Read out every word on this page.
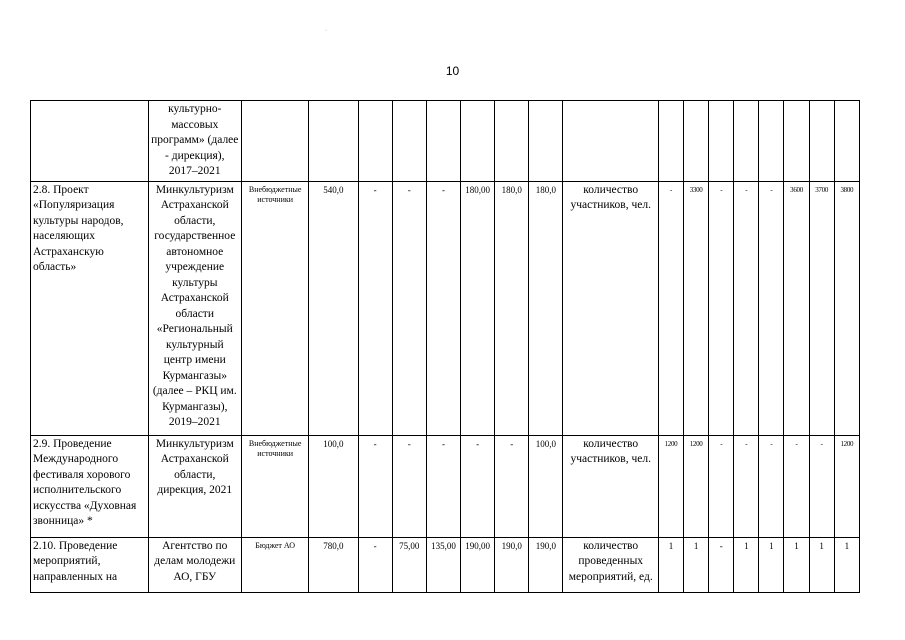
·
10
	культурно-массовых программ» (далее - дирекция), 2017–2021																	
2.8. Проект «Популяризация культуры народов, населяющих Астраханскую область»	Минкультуризм Астраханской области, государственное автономное учреждение культуры Астраханской области «Региональный культурный центр имени Курмангазы» (далее – РКЦ им. Курмангазы), 2019–2021	Внебюджетные источники	540,0	-	-	-	180,00	180,0	180,0	количество участников, чел.	-	3300	-	-	-	3600	3700	3800
2.9. Проведение Международного фестиваля хорового исполнительского искусства «Духовная звонница» *	Минкультуризм Астраханской области, дирекция, 2021	Внебюджетные источники	100,0	-	-	-	-	-	100,0	количество участников, чел.	1200	1200	-	-	-	-	-	1200
2.10. Проведение мероприятий, направленных на	Агентство по делам молодежи АО, ГБУ	Бюджет АО	780,0	-	75,00	135,00	190,00	190,0	190,0	количество проведенных мероприятий, ед.	1	1	-	1	1	1	1	1
